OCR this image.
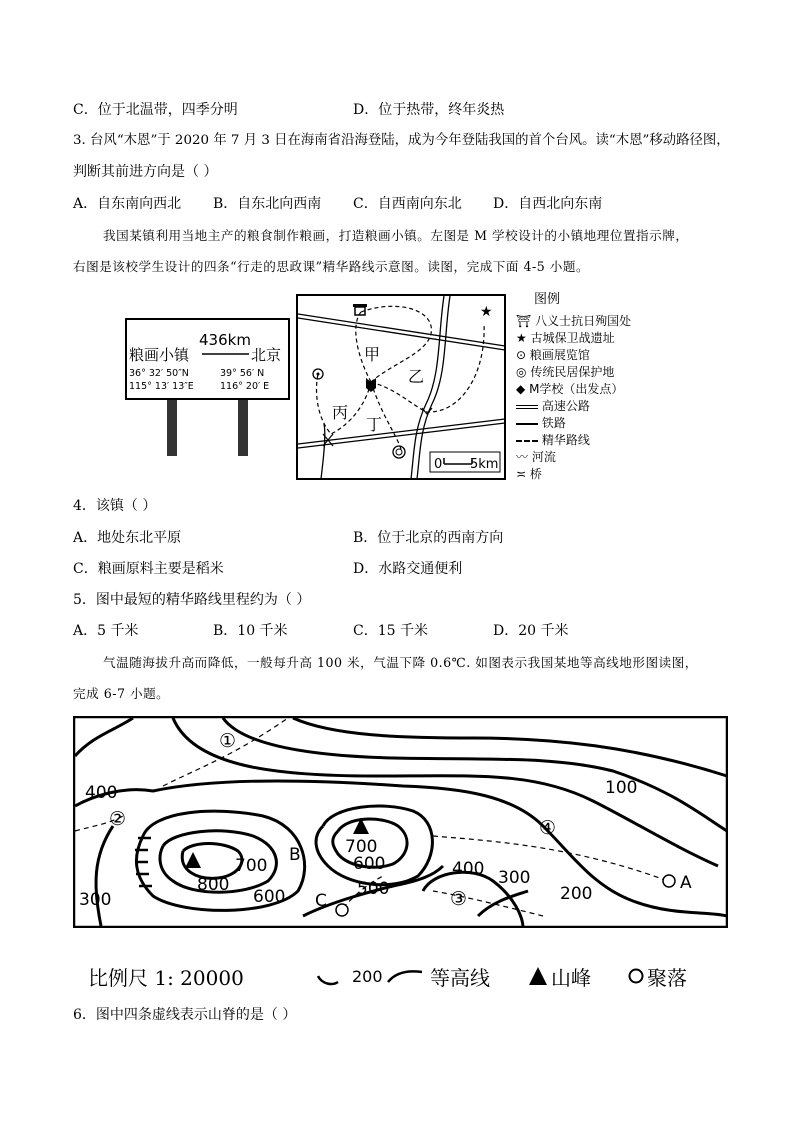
C．位于北温带，四季分明	D．位于热带，终年炎热
3. 台风“木恩”于 2020 年 7 月 3 日在海南省沿海登陆，成为今年登陆我国的首个台风。读“木恩”移动路径图，
判断其前进方向是（ ）
A．自东南向西北 B．自东北向西南 C．自西南向东北 D．自西北向东南
我国某镇利用当地主产的粮食制作粮画，打造粮画小镇。左图是 M 学校设计的小镇地理位置指示牌，
右图是该校学生设计的四条“行走的思政课”精华路线示意图。读图，完成下面 4-5 小题。
436km
粮画小镇	北京
36° 32′ 50″N
115° 13′ 13″E
39° 56′ N
116° 20′ E
★
甲
乙
丙
丁
0 5km
图例
⛩ 八义士抗日殉国处
★ 古城保卫战遗址
⊙ 粮画展览馆
◎ 传统民居保护地
◆ M学校（出发点）
高速公路
铁路
精华路线
〰 河流
≍ 桥
4．该镇（ ）
A．地处东北平原	B．位于北京的西南方向
C．粮画原料主要是稻米	D．水路交通便利
5．图中最短的精华路线里程约为（ ）
A．5 千米	B．10 千米	C．15 千米	D．20 千米
气温随海拔升高而降低，一般每升高 100 米，气温下降 0.6℃. 如图表示我国某地等高线地形图读图，
完成 6-7 小题。
100
400
300
700
800
600
700
600
500
400 300
200
B
C
A
①
②
③
④
比例尺 1: 20000	200 等高线	山峰	聚落
6．图中四条虚线表示山脊的是（ ）
